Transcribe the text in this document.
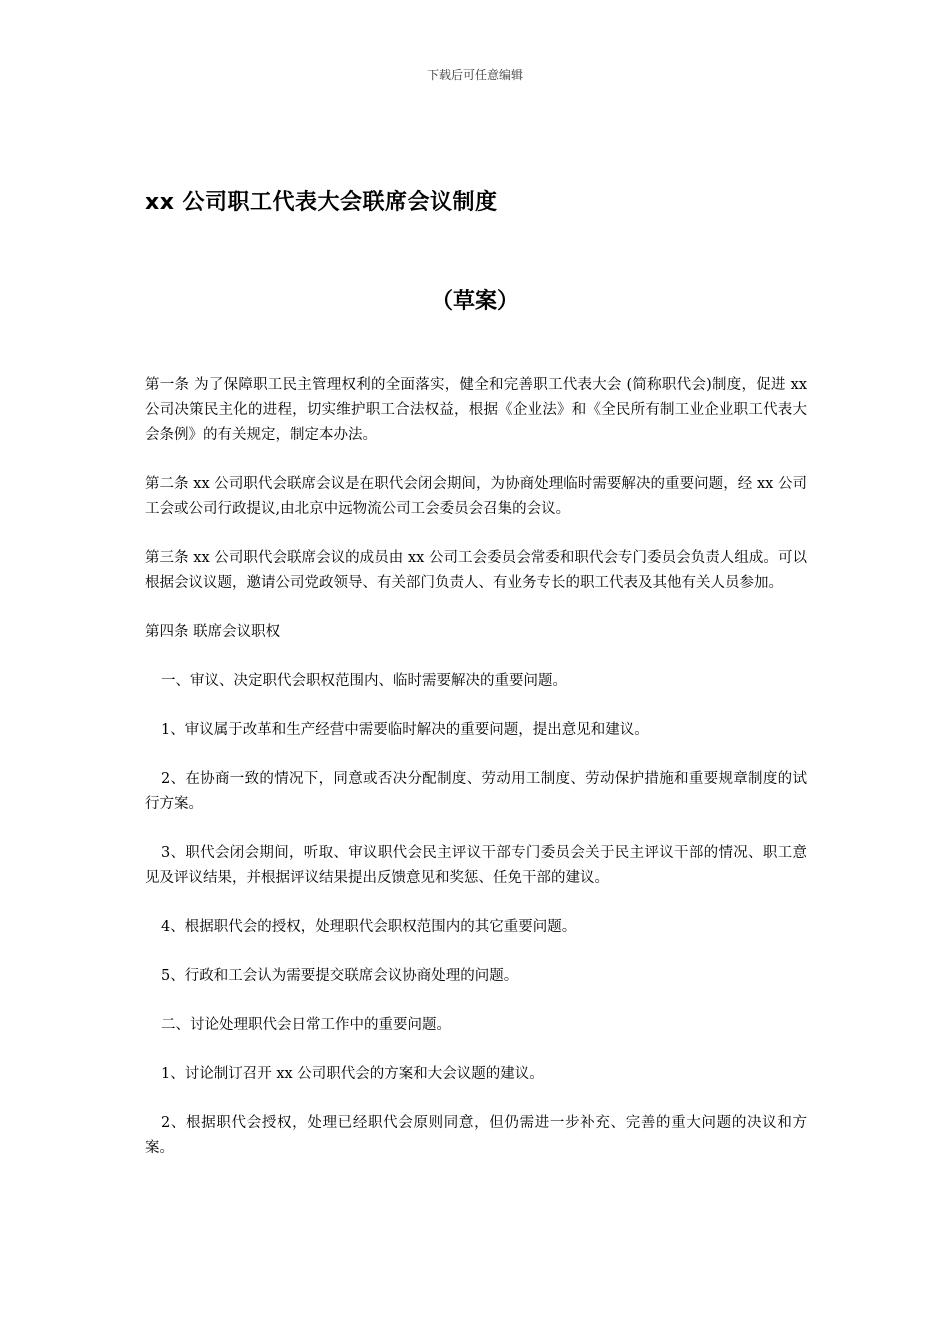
下载后可任意编辑
xx 公司职工代表大会联席会议制度
（草案）

第一条 为了保障职工民主管理权利的全面落实，健全和完善职工代表大会 (简称职代会)制度，促进 xx 公司决策民主化的进程，切实维护职工合法权益，根据《企业法》和《全民所有制工业企业职工代表大会条例》的有关规定，制定本办法。

第二条 xx 公司职代会联席会议是在职代会闭会期间，为协商处理临时需要解决的重要问题，经 xx 公司工会或公司行政提议,由北京中远物流公司工会委员会召集的会议。

第三条 xx 公司职代会联席会议的成员由 xx 公司工会委员会常委和职代会专门委员会负责人组成。可以根据会议议题，邀请公司党政领导、有关部门负责人、有业务专长的职工代表及其他有关人员参加。

第四条 联席会议职权

一、审议、决定职代会职权范围内、临时需要解决的重要问题。

1、审议属于改革和生产经营中需要临时解决的重要问题，提出意见和建议。

2、在协商一致的情况下，同意或否决分配制度、劳动用工制度、劳动保护措施和重要规章制度的试行方案。

3、职代会闭会期间，听取、审议职代会民主评议干部专门委员会关于民主评议干部的情况、职工意见及评议结果，并根据评议结果提出反馈意见和奖惩、任免干部的建议。

4、根据职代会的授权，处理职代会职权范围内的其它重要问题。

5、行政和工会认为需要提交联席会议协商处理的问题。

二、讨论处理职代会日常工作中的重要问题。

1、讨论制订召开 xx 公司职代会的方案和大会议题的建议。

2、根据职代会授权，处理已经职代会原则同意，但仍需进一步补充、完善的重大问题的决议和方案。
